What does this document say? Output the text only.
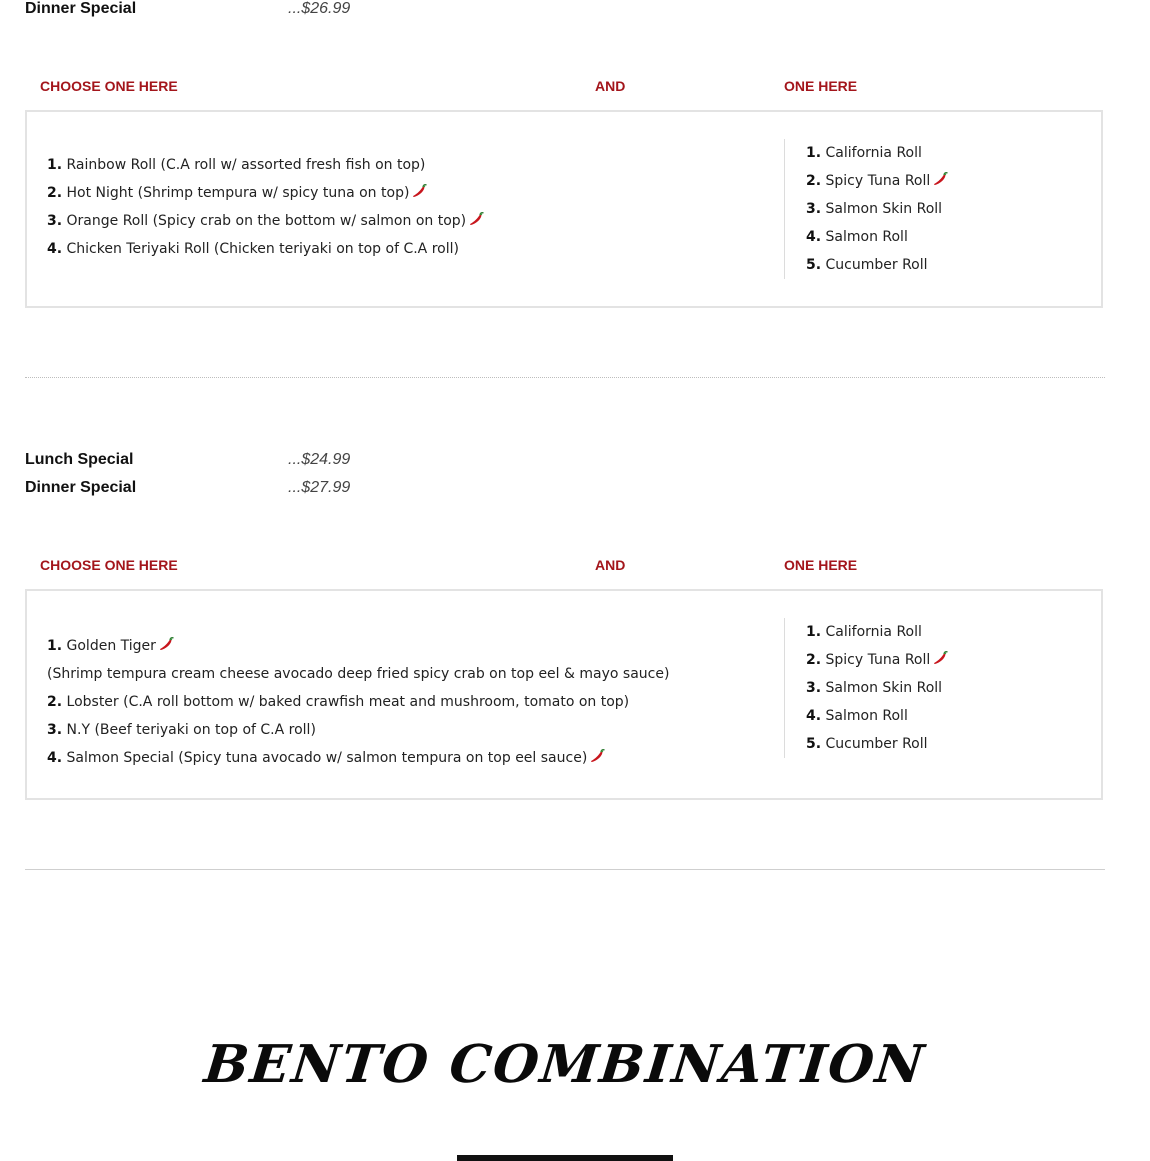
Dinner Special	...$26.99
CHOOSE ONE HERE	AND	ONE HERE
1. Rainbow Roll (C.A roll w/ assorted fresh fish on top)
2. Hot Night (Shrimp tempura w/ spicy tuna on top)
3. Orange Roll (Spicy crab on the bottom w/ salmon on top)
4. Chicken Teriyaki Roll (Chicken teriyaki on top of C.A roll)
1. California Roll
2. Spicy Tuna Roll
3. Salmon Skin Roll
4. Salmon Roll
5. Cucumber Roll
Lunch Special	...$24.99
Dinner Special	...$27.99
CHOOSE ONE HERE	AND	ONE HERE
1. Golden Tiger
(Shrimp tempura cream cheese avocado deep fried spicy crab on top eel & mayo sauce)
2. Lobster (C.A roll bottom w/ baked crawfish meat and mushroom, tomato on top)
3. N.Y (Beef teriyaki on top of C.A roll)
4. Salmon Special (Spicy tuna avocado w/ salmon tempura on top eel sauce)
1. California Roll
2. Spicy Tuna Roll
3. Salmon Skin Roll
4. Salmon Roll
5. Cucumber Roll
BENTO COMBINATION
